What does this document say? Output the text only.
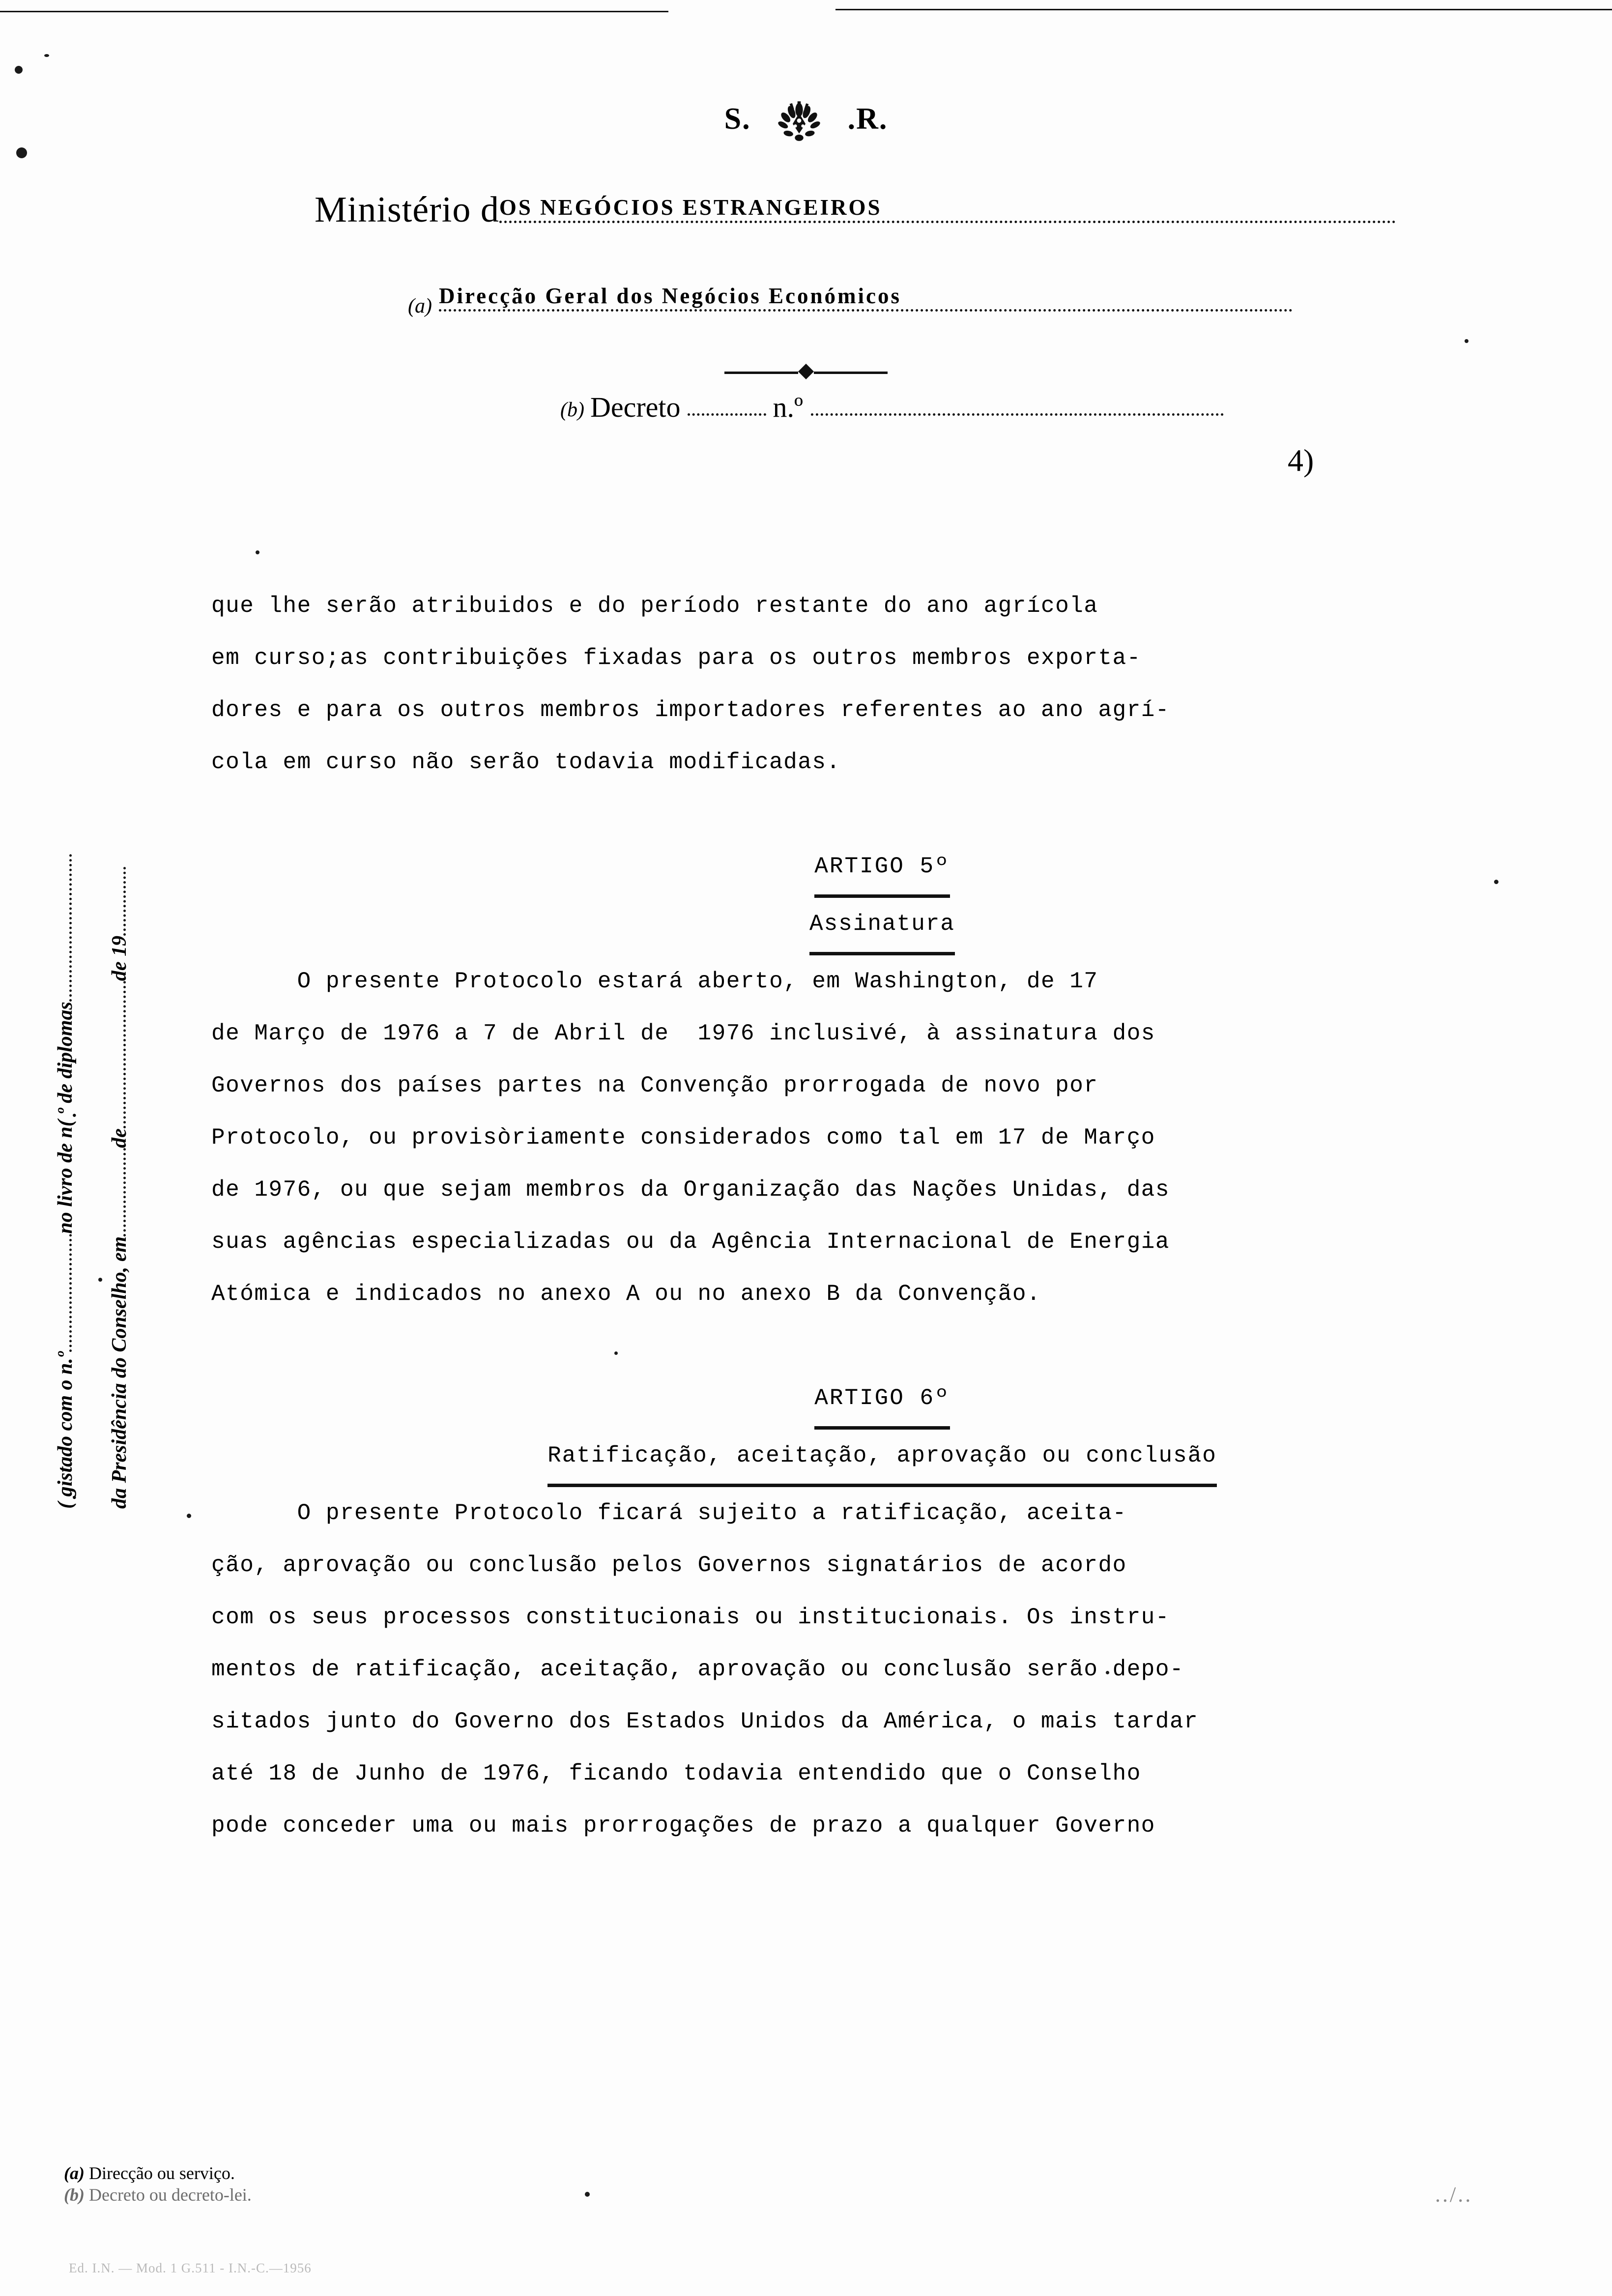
S.	.R.
Ministério d OS NEGÓCIOS ESTRANGEIROS
(a) Direcção Geral dos Negócios Económicos
(b) Decreto	n.º
4)
(
̣gistado com o n.º
no livro de n
(
̣º de diplomas
da Presidência do Conselho, em
de
de 19

que lhe serão atribuidos e do período restante do ano agrícola
em curso;as contribuições fixadas para os outros membros exporta-
dores e para os outros membros importadores referentes ao ano agrí-
cola em curso não serão todavia modificadas.

ARTIGO 5º

Assinatura

O presente Protocolo estará aberto, em Washington, de 17
de Março de 1976 a 7 de Abril de  1976 inclusivé, à assinatura dos
Governos dos países partes na Convenção prorrogada de novo por
Protocolo, ou provisòriamente considerados como tal em 17 de Março
de 1976, ou que sejam membros da Organização das Nações Unidas, das
suas agências especializadas ou da Agência Internacional de Energia
Atómica e indicados no anexo A ou no anexo B da Convenção.

ARTIGO 6º

Ratificação, aceitação, aprovação ou conclusão

O presente Protocolo ficará sujeito a ratificação, aceita-
ção, aprovação ou conclusão pelos Governos signatários de acordo
com os seus processos constitucionais ou institucionais. Os instru-
mentos de ratificação, aceitação, aprovação ou conclusão serão depo-
sitados junto do Governo dos Estados Unidos da América, o mais tardar
até 18 de Junho de 1976, ficando todavia entendido que o Conselho
pode conceder uma ou mais prorrogações de prazo a qualquer Governo

(a) Direcção ou serviço.
(b) Decreto ou decreto-lei.
Ed. I.N. — Mod. 1 G.511 - I.N.-C.—1956
../..
